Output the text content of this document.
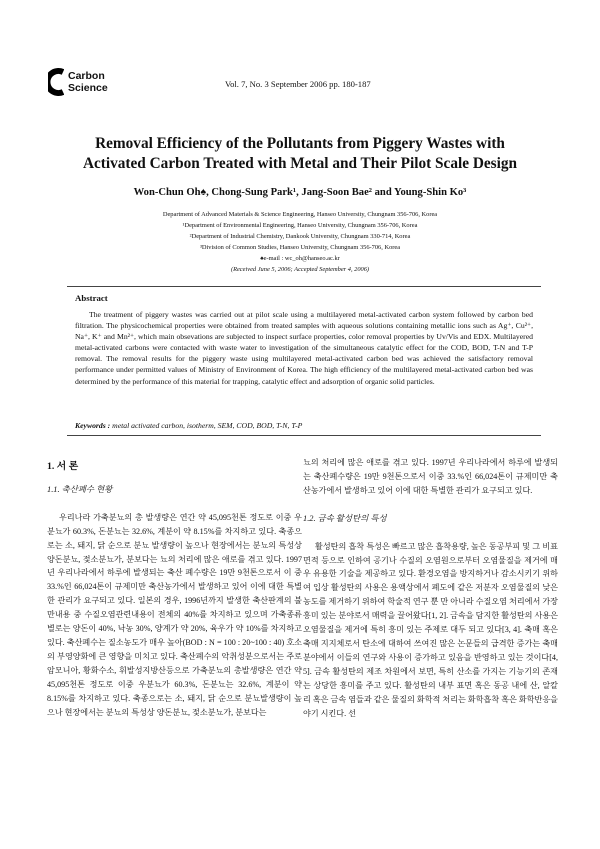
Carbon
Science	Vol. 7, No. 3 September 2006 pp. 180-187
Removal Efficiency of the Pollutants from Piggery Wastes with
Activated Carbon Treated with Metal and Their Pilot Scale Design
Won-Chun Oh♠, Chong-Sung Park¹, Jang-Soon Bae² and Young-Shin Ko³
Department of Advanced Materials & Science Engineering, Hanseo University, Chungnam 356-706, Korea
¹Department of Environmental Engineering, Hanseo University, Chungnam 356-706, Korea
²Department of Industrial Chemistry, Dankook University, Chungnam 330-714, Korea
³Division of Common Studies, Hanseo University, Chungnam 356-706, Korea
♠e-mail : wc_oh@hanseo.ac.kr
(Received June 5, 2006; Accepted September 4, 2006)
Abstract

The treatment of piggery wastes was carried out at pilot scale using a multilayered metal-activated carbon system followed by carbon bed filtration. The physicochemical properties were obtained from treated samples with aqueous solutions containing metallic ions such as Ag⁺, Cu²⁺, Na⁺, K⁺ and Mn²⁺, which main obsevations are subjected to inspect surface properties, color removal properties by Uv/Vis and EDX. Multilayered metal-activated carbons were contacted with waste water to investigation of the simultaneous catalytic effect for the COD, BOD, T-N and T-P removal. The removal results for the piggery waste using multilayered metal-activated carbon bed was achieved the satisfactory removal performance under permitted values of Ministry of Environment of Korea. The high efficiency of the multilayered metal-activated carbon bed was determined by the performance of this material for trapping, catalytic effect and adsorption of organic solid particles.

Keywords : metal activated carbon, isotherm, SEM, COD, BOD, T-N, T-P
1. 서 론
1.1. 축산폐수 현황

우리나라 가축분뇨의 총 발생량은 연간 약 45,095천톤 정도로 이중 우분뇨가 60.3%, 돈분뇨는 32.6%, 계분이 약 8.15%를 차지하고 있다. 축종으로는 소, 돼지, 닭 순으로 분뇨 발생량이 높으나 현장에서는 분뇨의 특성상 양돈분뇨, 젖소분뇨가, 분보다는 뇨의 처리에 많은 애로를 겪고 있다. 1997년 우리나라에서 하루에 발생되는 축산 폐수량은 19만 9천톤으로서 이 중 33.%인 66,024톤이 규제미만 축산농가에서 발생하고 있어 이에 대한 특별한 관리가 요구되고 있다. 일본의 경우, 1996년까지 발생한 축산판계의 불만내용 중 수질오염관련내용이 전체의 40%를 차지하고 있으며 가축종류별로는 양돈이 40%, 낙농 30%, 양계가 약 20%, 육우가 약 10%를 차지하고 있다. 축산폐수는 질소농도가 매우 높아(BOD : N = 100 : 20~100 : 40) 호소의 부영양화에 큰 영향을 미치고 있다. 축산폐수의 악취성분으로서는 주로 암모니아, 황화수소, 휘발성지방산등으로 가축분뇨의 총발생량은 연간 약 45,095천톤 정도로 이중 우분뇨가 60.3%, 돈분뇨는 32.6%, 계분이 약 8.15%를 차지하고 있다. 축종으로는 소, 돼지, 닭 순으로 분뇨발생량이 높으나 현장에서는 분뇨의 특성상 양돈분뇨, 젖소분뇨가, 분보다는

뇨의 처리에 많은 애로를 겪고 있다. 1997년 우리나라에서 하루에 발생되는 축산폐수량은 19만 9천톤으로서 이중 33.%인 66,024톤이 규제미만 축산농가에서 발생하고 있어 이에 대한 특별한 관리가 요구되고 있다.

1.2. 금속 활성탄의 특성

활성탄의 흡착 특성은 빠르고 많은 흡착용량, 높은 동공부피 및 그 비표면적 등으로 인하여 공기나 수질의 오염원으로부터 오염물질을 제거에 매우 유용한 기술을 제공하고 있다. 환경오염을 방지하거나 감소시키기 위하여 입상 활성탄의 사용은 용액상에서 폐도에 같은 저분자 오염물질의 낮은 농도를 제거하기 위하여 학술적 연구 뿐 만 아니라 수질오염 처리에서 가장 흥미 있는 분야로서 매력을 끌어왔다[1, 2]. 금속을 담지한 활성탄의 사용은 오염물질을 제거에 특히 흥미 있는 주제로 대두 되고 있다[3, 4]. 축매 혹은 축매 지지체로서 탄소에 대하여 쓰여진 많은 논문들의 급격한 증가는 축매분야에서 이들의 연구와 사용이 증가하고 있음을 반영하고 있는 것이다[4, 5]. 금속 활성탄의 제조 차원에서 보면, 특히 산소를 가지는 기능기의 존재는 상당한 흥미를 주고 있다. 활성탄의 내부 표면 혹은 동공 내에 산, 알칼리 혹은 금속 염들과 같은 물질의 화학적 처리는 화학흡착 혹은 화학반응을 야기 시킨다. 선
